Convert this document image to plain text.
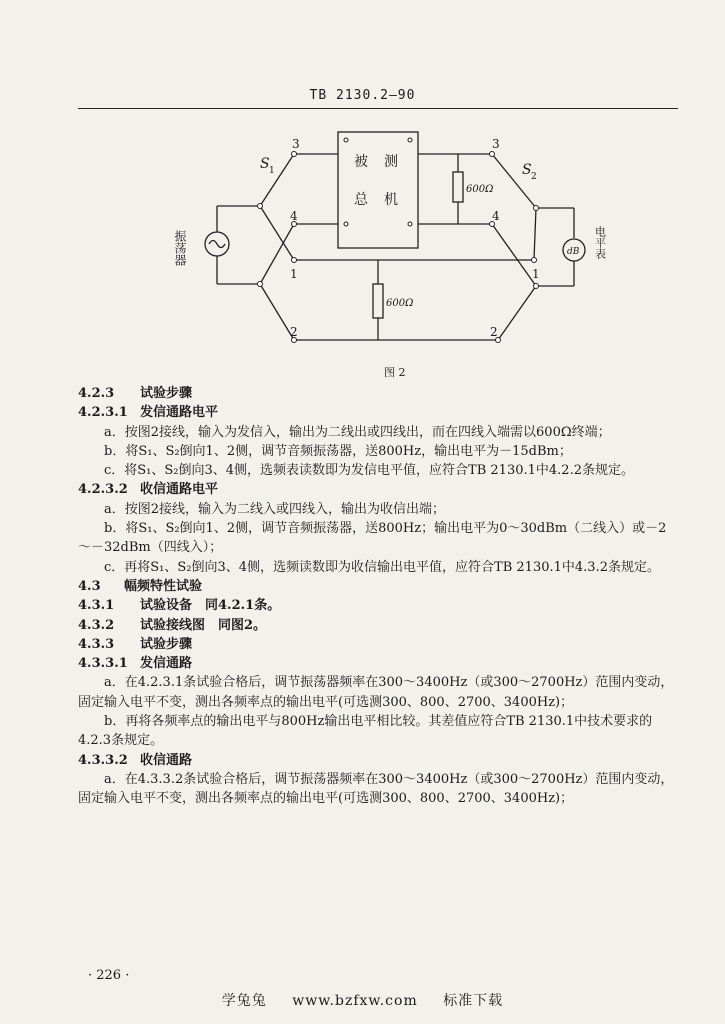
TB 2130.2—90
振荡器	电平表
dB
S 1	S 2
3
4
1
2
3
4
1
2
被 测
总 机
600Ω
600Ω
图 2

4.2.3 试验步骤

4.2.3.1 发信通路电平

a．按图2接线，输入为发信入，输出为二线出或四线出，而在四线入端需以600Ω终端；

b．将S₁、S₂倒向1、2侧，调节音频振荡器，送800Hz，输出电平为－15dBm；

c．将S₁、S₂倒向3、4侧，选频表读数即为发信电平值，应符合TB 2130.1中4.2.2条规定。

4.2.3.2 收信通路电平

a．按图2接线，输入为二线入或四线入，输出为收信出端；

b．将S₁、S₂倒向1、2侧，调节音频振荡器，送800Hz；输出电平为0～30dBm（二线入）或－2～－32dBm（四线入）；

c．再将S₁、S₂倒向3、4侧，选频读数即为收信输出电平值，应符合TB 2130.1中4.3.2条规定。

4.3 幅频特性试验

4.3.1 试验设备　同4.2.1条。

4.3.2 试验接线图　同图2。

4.3.3 试验步骤

4.3.3.1 发信通路

a．在4.2.3.1条试验合格后，调节振荡器频率在300～3400Hz（或300～2700Hz）范围内变动，固定输入电平不变，测出各频率点的输出电平(可选测300、800、2700、3400Hz)；

b．再将各频率点的输出电平与800Hz输出电平相比较。其差值应符合TB 2130.1中技术要求的4.2.3条规定。

4.3.3.2 收信通路

a．在4.3.3.2条试验合格后，调节振荡器频率在300～3400Hz（或300～2700Hz）范围内变动，固定输入电平不变，测出各频率点的输出电平(可选测300、800、2700、3400Hz)；

· 226 ·
学兔兔 www.bzfxw.com 标准下载
